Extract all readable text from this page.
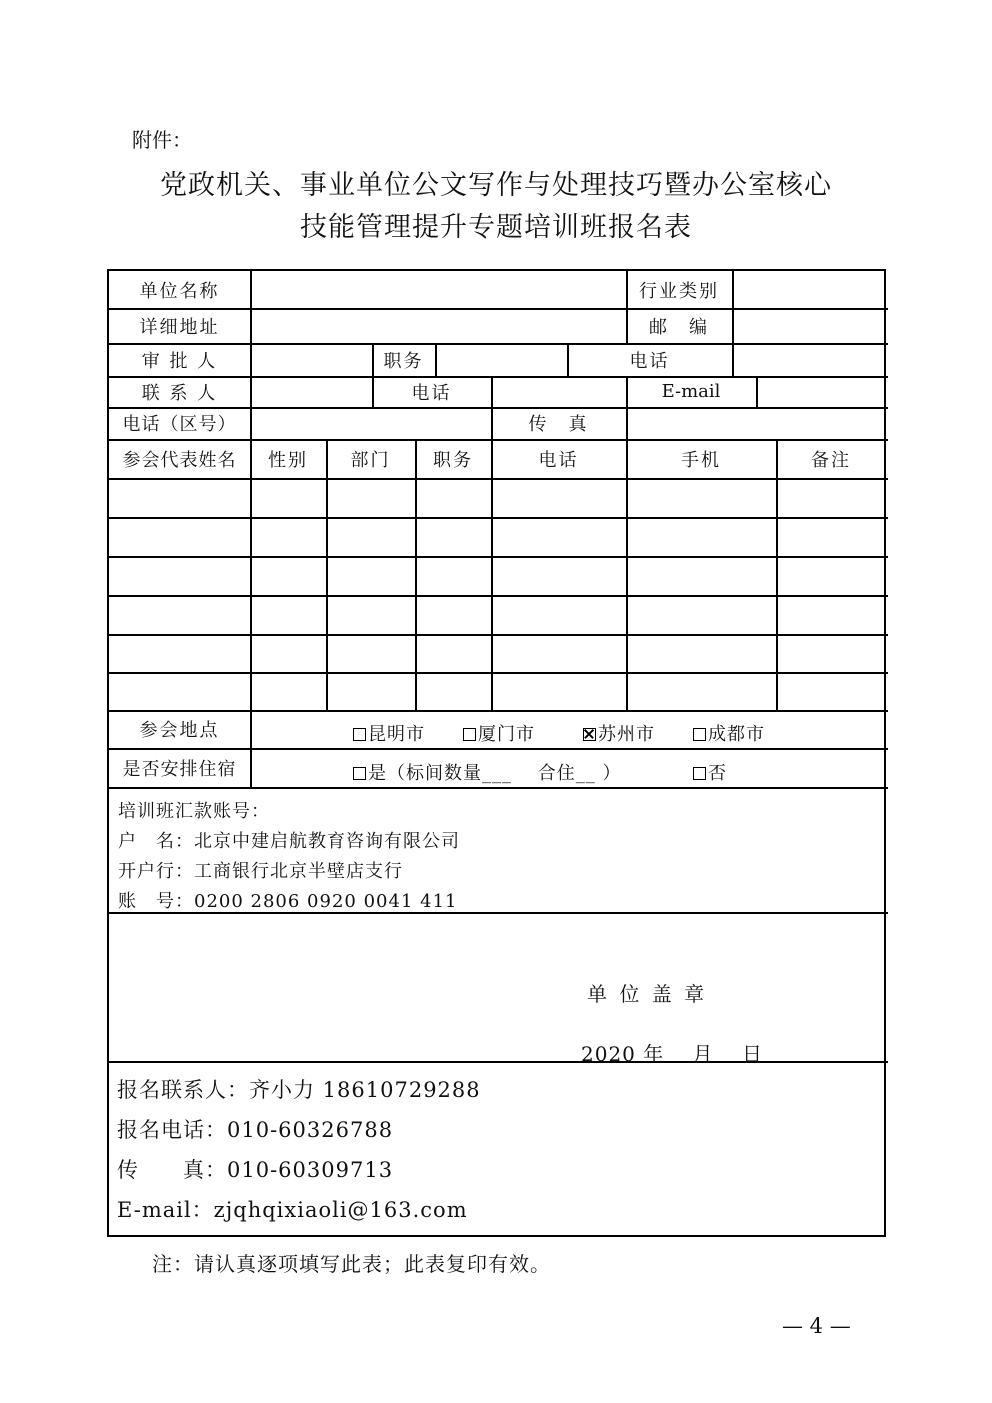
附件：
党政机关、事业单位公文写作与处理技巧暨办公室核心
技能管理提升专题培训班报名表
单位名称	行业类别
详细地址	邮　编
审 批 人	职务	电话
联 系 人	电话	E-mail
电话（区号）	传　真
参会代表姓名	性别	部门	职务	电话	手机	备注
参会地点	昆明市	厦门市	苏州市	成都市
是否安排住宿	是（标间数量___　 合住__ ）	否
培训班汇款账号：
户　名：北京中建启航教育咨询有限公司
开户行：工商银行北京半壁店支行
账　号：0200 2806 0920 0041 411
单 位 盖 章
2020 年　 月　 日
报名联系人：齐小力 18610729288
报名电话：010-60326788
传　　真：010-60309713
E-mail：zjqhqixiaoli@163.com
注：请认真逐项填写此表；此表复印有效。
— 4 —
